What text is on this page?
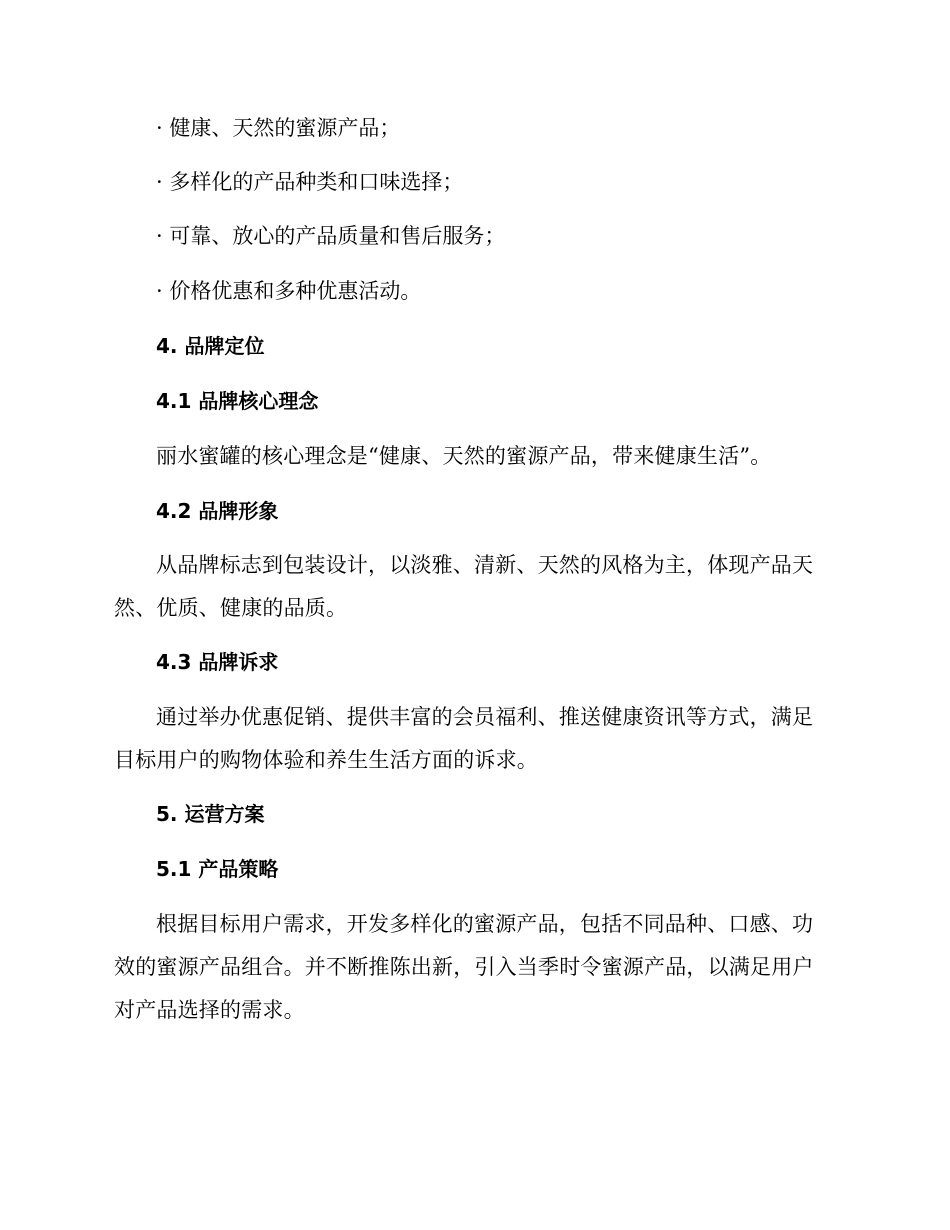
· 健康、天然的蜜源产品；
· 多样化的产品种类和口味选择；
· 可靠、放心的产品质量和售后服务；
· 价格优惠和多种优惠活动。
4. 品牌定位
4.1 品牌核心理念
丽水蜜罐的核心理念是“健康、天然的蜜源产品，带来健康生活”。
4.2 品牌形象
从品牌标志到包装设计，以淡雅、清新、天然的风格为主，体现产品天
然、优质、健康的品质。
4.3 品牌诉求
通过举办优惠促销、提供丰富的会员福利、推送健康资讯等方式，满足
目标用户的购物体验和养生生活方面的诉求。
5. 运营方案
5.1 产品策略
根据目标用户需求，开发多样化的蜜源产品，包括不同品种、口感、功
效的蜜源产品组合。并不断推陈出新，引入当季时令蜜源产品，以满足用户
对产品选择的需求。
